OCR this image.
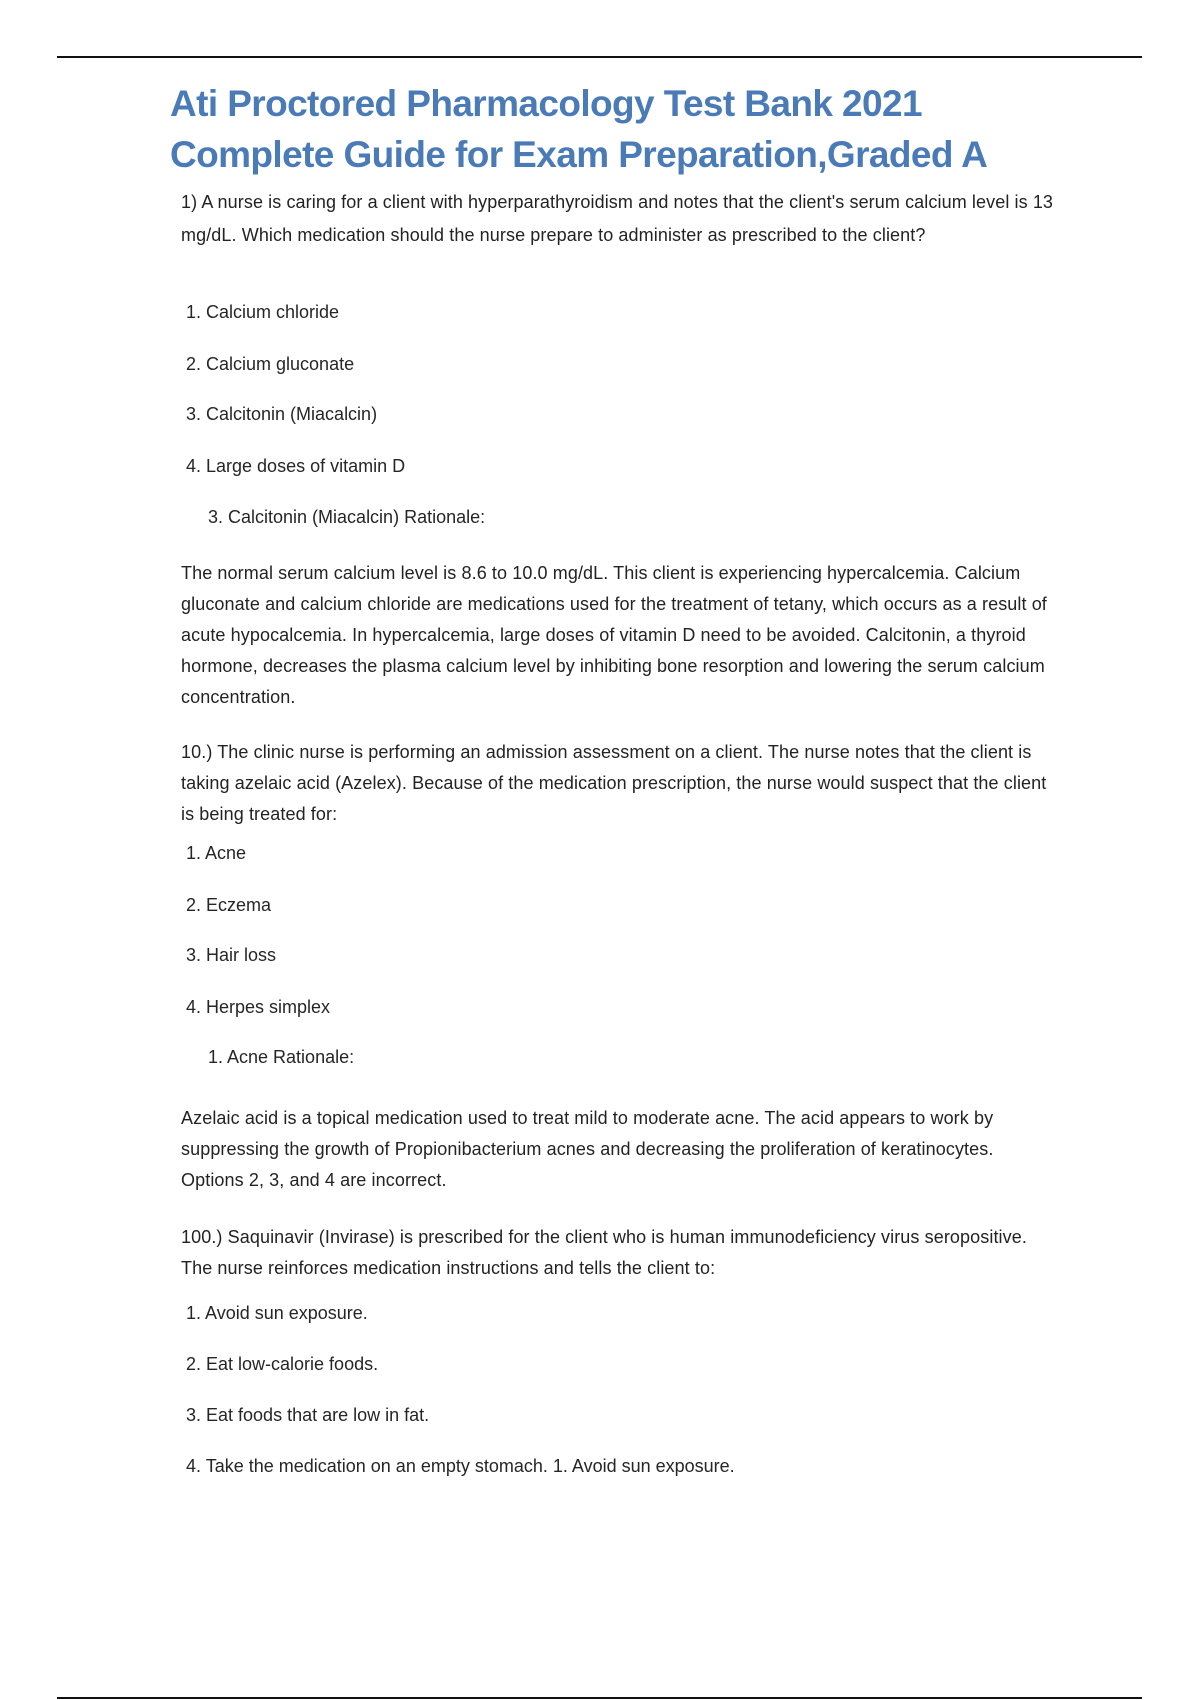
Ati Proctored Pharmacology Test Bank 2021 Complete Guide for Exam Preparation,Graded A

1) A nurse is caring for a client with hyperparathyroidism and notes that the client's serum calcium level is 13 mg/dL. Which medication should the nurse prepare to administer as prescribed to the client?

1. Calcium chloride
2. Calcium gluconate
3. Calcitonin (Miacalcin)
4. Large doses of vitamin D
3. Calcitonin (Miacalcin) Rationale:

The normal serum calcium level is 8.6 to 10.0 mg/dL. This client is experiencing hypercalcemia. Calcium gluconate and calcium chloride are medications used for the treatment of tetany, which occurs as a result of acute hypocalcemia. In hypercalcemia, large doses of vitamin D need to be avoided. Calcitonin, a thyroid hormone, decreases the plasma calcium level by inhibiting bone resorption and lowering the serum calcium concentration.

10.) The clinic nurse is performing an admission assessment on a client. The nurse notes that the client is taking azelaic acid (Azelex). Because of the medication prescription, the nurse would suspect that the client is being treated for:

1. Acne
2. Eczema
3. Hair loss
4. Herpes simplex
1. Acne Rationale:

Azelaic acid is a topical medication used to treat mild to moderate acne. The acid appears to work by suppressing the growth of Propionibacterium acnes and decreasing the proliferation of keratinocytes. Options 2, 3, and 4 are incorrect.

100.) Saquinavir (Invirase) is prescribed for the client who is human immunodeficiency virus seropositive. The nurse reinforces medication instructions and tells the client to:

1. Avoid sun exposure.
2. Eat low-calorie foods.
3. Eat foods that are low in fat.
4. Take the medication on an empty stomach. 1. Avoid sun exposure.
